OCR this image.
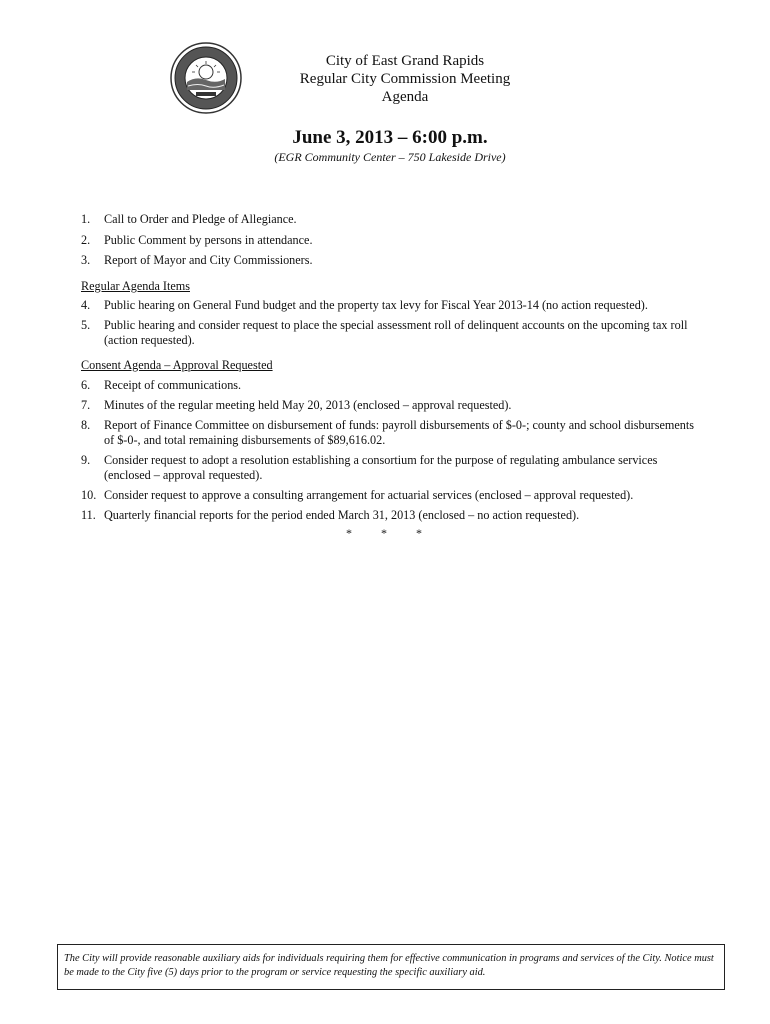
City of East Grand Rapids
Regular City Commission Meeting
Agenda
June 3, 2013 – 6:00 p.m.
(EGR Community Center – 750 Lakeside Drive)
1.	Call to Order and Pledge of Allegiance.
2.	Public Comment by persons in attendance.
3.	Report of Mayor and City Commissioners.
Regular Agenda Items
4.	Public hearing on General Fund budget and the property tax levy for Fiscal Year 2013-14 (no action requested).
5.	Public hearing and consider request to place the special assessment roll of delinquent accounts on the upcoming tax roll (action requested).
Consent Agenda – Approval Requested
6.	Receipt of communications.
7.	Minutes of the regular meeting held May 20, 2013 (enclosed – approval requested).
8.	Report of Finance Committee on disbursement of funds: payroll disbursements of $-0-; county and school disbursements of $-0-, and total remaining disbursements of $89,616.02.
9.	Consider request to adopt a resolution establishing a consortium for the purpose of regulating ambulance services (enclosed – approval requested).
10. Consider request to approve a consulting arrangement for actuarial services (enclosed – approval requested).
11. Quarterly financial reports for the period ended March 31, 2013 (enclosed – no action requested).
* * *
The City will provide reasonable auxiliary aids for individuals requiring them for effective communication in programs and services of the City. Notice must be made to the City five (5) days prior to the program or service requesting the specific auxiliary aid.
